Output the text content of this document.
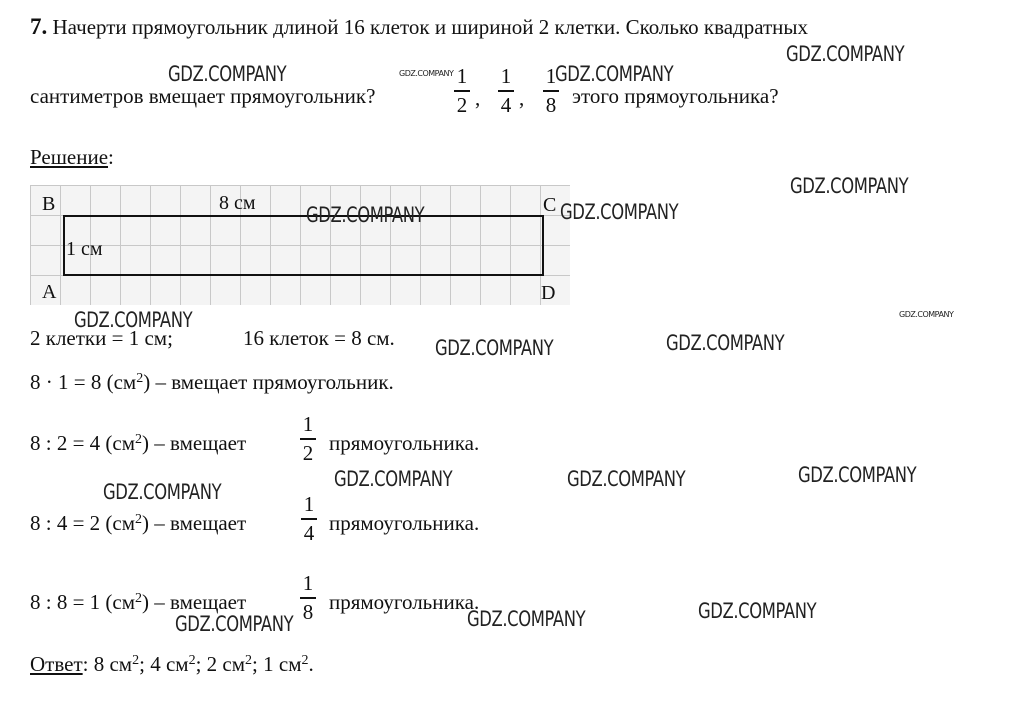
7. Начерти прямоугольник длиной 16 клеток и шириной 2 клетки. Сколько квадратных
сантиметров вмещает прямоугольник?
1
2 ,
1
4 ,
1
8 этого прямоугольника?
Решение:
B	C
A	D
8 см
1 см
2 клетки = 1 см;	16 клеток = 8 см.
8 · 1 = 8 $(см^2)$ – вмещает прямоугольник.
8 : 2 = 4 $(см^2)$ – вмещает
1
2 прямоугольника.
8 : 4 = 2 $(см^2)$ – вмещает
1
4 прямоугольника.
8 : 8 = 1 $(см^2)$ – вмещает
1
8 прямоугольника.
Ответ: 8 $см^2$; 4 $см^2$; 2 $см^2$; 1 $см^2$.
GDZ.COMPANY
GDZ.COMPANY	GDZ.COMPANY	GDZ.COMPANY
GDZ.COMPANY
GDZ.COMPANY	GDZ.COMPANY
GDZ.COMPANY	GDZ.COMPANY
GDZ.COMPANY	GDZ.COMPANY
GDZ.COMPANY	GDZ.COMPANY	GDZ.COMPANY
GDZ.COMPANY
GDZ.COMPANY
GDZ.COMPANY	GDZ.COMPANY
